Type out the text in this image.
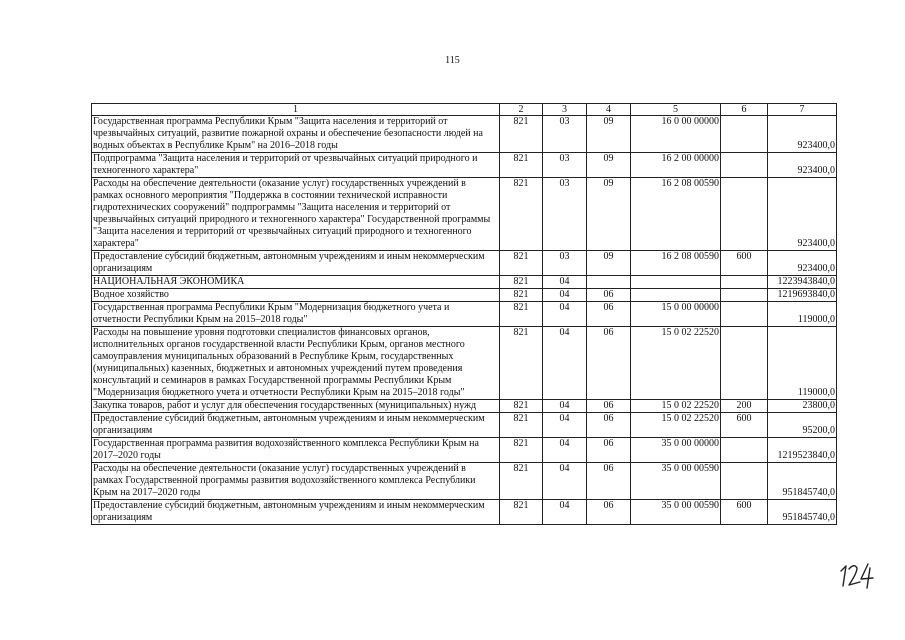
115
1	2	3	4	5	6	7
Государственная программа Республики Крым "Защита населения и территорий от чрезвычайных ситуаций, развитие пожарной охраны и обеспечение безопасности людей на водных объектах в Республике Крым" на 2016–2018 годы	821	03	09	16 0 00 00000		923400,0
Подпрограмма "Защита населения и территорий от чрезвычайных ситуаций природного и техногенного характера"	821	03	09	16 2 00 00000		923400,0
Расходы на обеспечение деятельности (оказание услуг) государственных учреждений в рамках основного мероприятия "Поддержка в состоянии технической исправности гидротехнических сооружений" подпрограммы "Защита населения и территорий от чрезвычайных ситуаций природного и техногенного характера" Государственной программы "Защита населения и территорий от чрезвычайных ситуаций природного и техногенного характера"	821	03	09	16 2 08 00590		923400,0
Предоставление субсидий бюджетным, автономным учреждениям и иным некоммерческим организациям	821	03	09	16 2 08 00590	600	923400,0
НАЦИОНАЛЬНАЯ ЭКОНОМИКА	821	04				1223943840,0
Водное хозяйство	821	04	06			1219693840,0
Государственная программа Республики Крым "Модернизация бюджетного учета и отчетности Республики Крым на 2015–2018 годы"	821	04	06	15 0 00 00000		119000,0
Расходы на повышение уровня подготовки специалистов финансовых органов, исполнительных органов государственной власти Республики Крым, органов местного самоуправления муниципальных образований в Республике Крым, государственных (муниципальных) казенных, бюджетных и автономных учреждений путем проведения консультаций и семинаров в рамках Государственной программы Республики Крым "Модернизация бюджетного учета и отчетности Республики Крым на 2015–2018 годы"	821	04	06	15 0 02 22520		119000,0
Закупка товаров, работ и услуг для обеспечения государственных (муниципальных) нужд	821	04	06	15 0 02 22520	200	23800,0
Предоставление субсидий бюджетным, автономным учреждениям и иным некоммерческим организациям	821	04	06	15 0 02 22520	600	95200,0
Государственная программа развития водохозяйственного комплекса Республики Крым на 2017–2020 годы	821	04	06	35 0 00 00000		1219523840,0
Расходы на обеспечение деятельности (оказание услуг) государственных учреждений в рамках Государственной программы развития водохозяйственного комплекса Республики Крым на 2017–2020 годы	821	04	06	35 0 00 00590		951845740,0
Предоставление субсидий бюджетным, автономным учреждениям и иным некоммерческим организациям	821	04	06	35 0 00 00590	600	951845740,0
